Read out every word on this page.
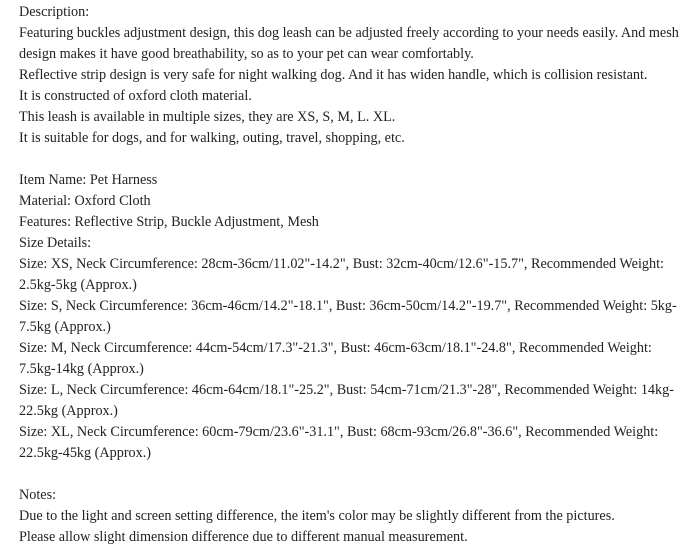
Description:
Featuring buckles adjustment design, this dog leash can be adjusted freely according to your needs easily. And mesh design makes it have good breathability, so as to your pet can wear comfortably.
Reflective strip design is very safe for night walking dog. And it has widen handle, which is collision resistant.
It is constructed of oxford cloth material.
This leash is available in multiple sizes, they are XS, S, M, L. XL.
It is suitable for dogs, and for walking, outing, travel, shopping, etc.
Item Name: Pet Harness
Material: Oxford Cloth
Features: Reflective Strip, Buckle Adjustment, Mesh
Size Details:
Size: XS, Neck Circumference: 28cm-36cm/11.02"-14.2", Bust: 32cm-40cm/12.6"-15.7", Recommended Weight: 2.5kg-5kg (Approx.)
Size: S, Neck Circumference: 36cm-46cm/14.2"-18.1", Bust: 36cm-50cm/14.2"-19.7", Recommended Weight: 5kg-7.5kg (Approx.)
Size: M, Neck Circumference: 44cm-54cm/17.3"-21.3", Bust: 46cm-63cm/18.1"-24.8", Recommended Weight: 7.5kg-14kg (Approx.)
Size: L, Neck Circumference: 46cm-64cm/18.1"-25.2", Bust: 54cm-71cm/21.3"-28", Recommended Weight: 14kg-22.5kg (Approx.)
Size: XL, Neck Circumference: 60cm-79cm/23.6"-31.1", Bust: 68cm-93cm/26.8"-36.6", Recommended Weight: 22.5kg-45kg (Approx.)
Notes:
Due to the light and screen setting difference, the item's color may be slightly different from the pictures.
Please allow slight dimension difference due to different manual measurement.
